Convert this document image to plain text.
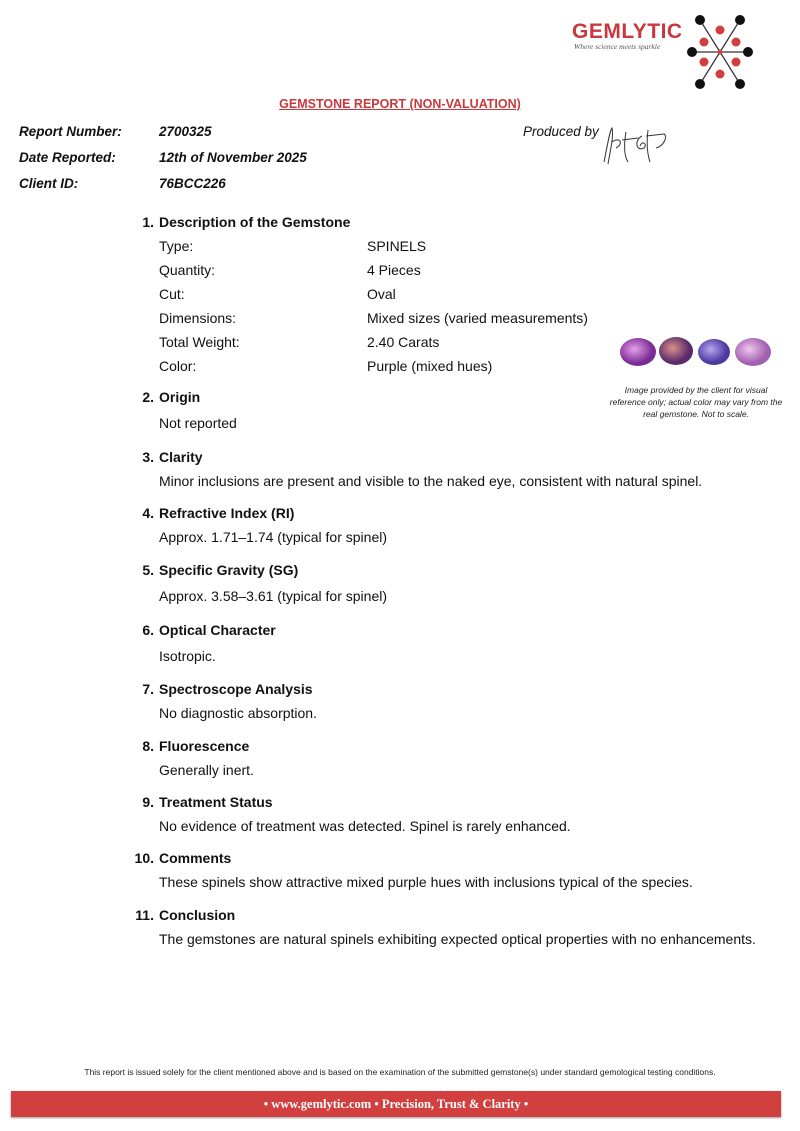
GEMLYTIC
Where science meets sparkle
GEMSTONE REPORT (NON-VALUATION)
Report Number:	2700325
Date Reported:	12th of November 2025
Client ID:	76BCC226
Produced by
1. Description of the Gemstone
Type:	SPINELS
Quantity:	4 Pieces
Cut:	Oval
Dimensions:	Mixed sizes (varied measurements)
Total Weight:	2.40 Carats
Color:	Purple (mixed hues)
Image provided by the client for visual reference only; actual color may vary from the real gemstone. Not to scale.
2. Origin
Not reported
3. Clarity
Minor inclusions are present and visible to the naked eye, consistent with natural spinel.
4. Refractive Index (RI)
Approx. 1.71–1.74 (typical for spinel)
5. Specific Gravity (SG)
Approx. 3.58–3.61 (typical for spinel)
6. Optical Character
Isotropic.
7. Spectroscope Analysis
No diagnostic absorption.
8. Fluorescence
Generally inert.
9. Treatment Status
No evidence of treatment was detected. Spinel is rarely enhanced.
10. Comments
These spinels show attractive mixed purple hues with inclusions typical of the species.
11. Conclusion
The gemstones are natural spinels exhibiting expected optical properties with no enhancements.
This report is issued solely for the client mentioned above and is based on the examination of the submitted gemstone(s) under standard gemological testing conditions.
• www.gemlytic.com • Precision, Trust & Clarity •
